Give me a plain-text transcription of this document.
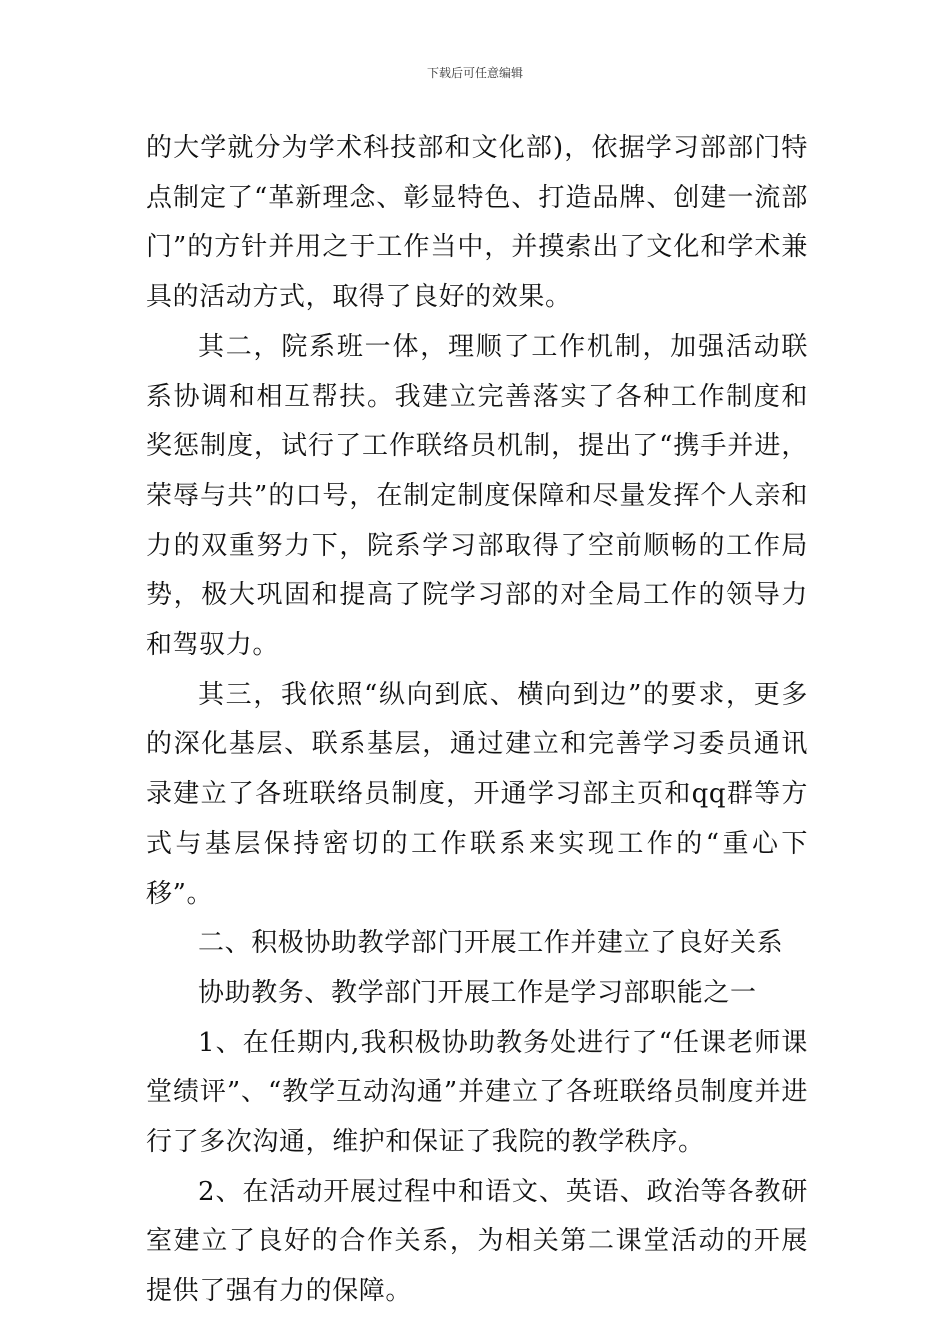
下载后可任意编辑

的大学就分为学术科技部和文化部)，依据学习部部门特点制定了“革新理念、彰显特色、打造品牌、创建一流部门”的方针并用之于工作当中，并摸索出了文化和学术兼具的活动方式，取得了良好的效果。

其二，院系班一体，理顺了工作机制，加强活动联系协调和相互帮扶。我建立完善落实了各种工作制度和奖惩制度，试行了工作联络员机制，提出了“携手并进，荣辱与共”的口号，在制定制度保障和尽量发挥个人亲和力的双重努力下，院系学习部取得了空前顺畅的工作局势，极大巩固和提高了院学习部的对全局工作的领导力和驾驭力。

其三，我依照“纵向到底、横向到边”的要求，更多的深化基层、联系基层，通过建立和完善学习委员通讯录建立了各班联络员制度，开通学习部主页和qq群等方式与基层保持密切的工作联系来实现工作的“重心下移”。

二、积极协助教学部门开展工作并建立了良好关系

协助教务、教学部门开展工作是学习部职能之一

1、在任期内,我积极协助教务处进行了“任课老师课堂绩评”、“教学互动沟通”并建立了各班联络员制度并进行了多次沟通，维护和保证了我院的教学秩序。

2、在活动开展过程中和语文、英语、政治等各教研室建立了良好的合作关系，为相关第二课堂活动的开展提供了强有力的保障。
